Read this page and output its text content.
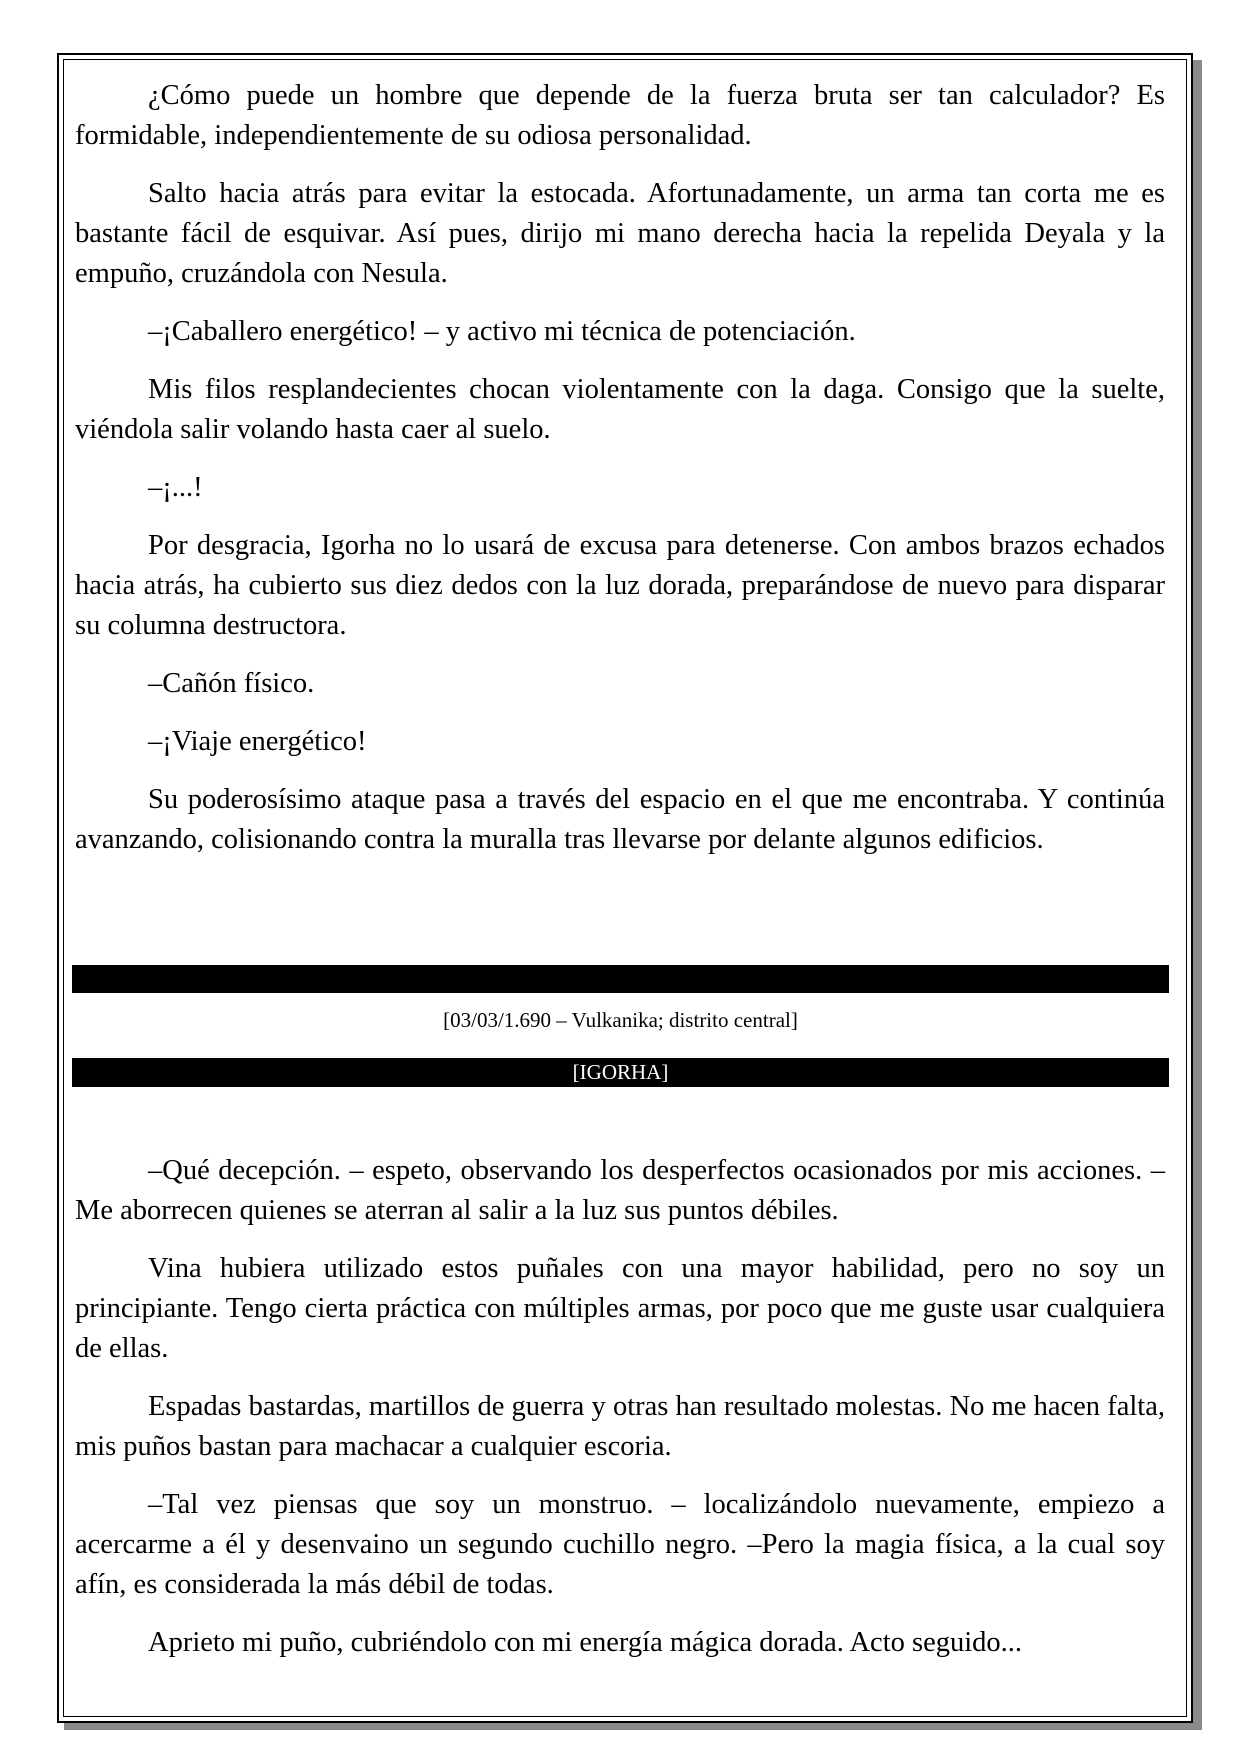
¿Cómo puede un hombre que depende de la fuerza bruta ser tan calculador? Es formidable, independientemente de su odiosa personalidad.

Salto hacia atrás para evitar la estocada. Afortunadamente, un arma tan corta me es bastante fácil de esquivar. Así pues, dirijo mi mano derecha hacia la repelida Deyala y la empuño, cruzándola con Nesula.

–¡Caballero energético! – y activo mi técnica de potenciación.

Mis filos resplandecientes chocan violentamente con la daga. Consigo que la suelte, viéndola salir volando hasta caer al suelo.

–¡...!

Por desgracia, Igorha no lo usará de excusa para detenerse. Con ambos brazos echados hacia atrás, ha cubierto sus diez dedos con la luz dorada, preparándose de nuevo para disparar su columna destructora.

–Cañón físico.

–¡Viaje energético!

Su poderosísimo ataque pasa a través del espacio en el que me encontraba. Y continúa avanzando, colisionando contra la muralla tras llevarse por delante algunos edificios.

[03/03/1.690 – Vulkanika; distrito central]
[IGORHA]

–Qué decepción. – espeto, observando los desperfectos ocasionados por mis acciones. –Me aborrecen quienes se aterran al salir a la luz sus puntos débiles.

Vina hubiera utilizado estos puñales con una mayor habilidad, pero no soy un principiante. Tengo cierta práctica con múltiples armas, por poco que me guste usar cualquiera de ellas.

Espadas bastardas, martillos de guerra y otras han resultado molestas. No me hacen falta, mis puños bastan para machacar a cualquier escoria.

–Tal vez piensas que soy un monstruo. – localizándolo nuevamente, empiezo a acercarme a él y desenvaino un segundo cuchillo negro. –Pero la magia física, a la cual soy afín, es considerada la más débil de todas.

Aprieto mi puño, cubriéndolo con mi energía mágica dorada. Acto seguido...
